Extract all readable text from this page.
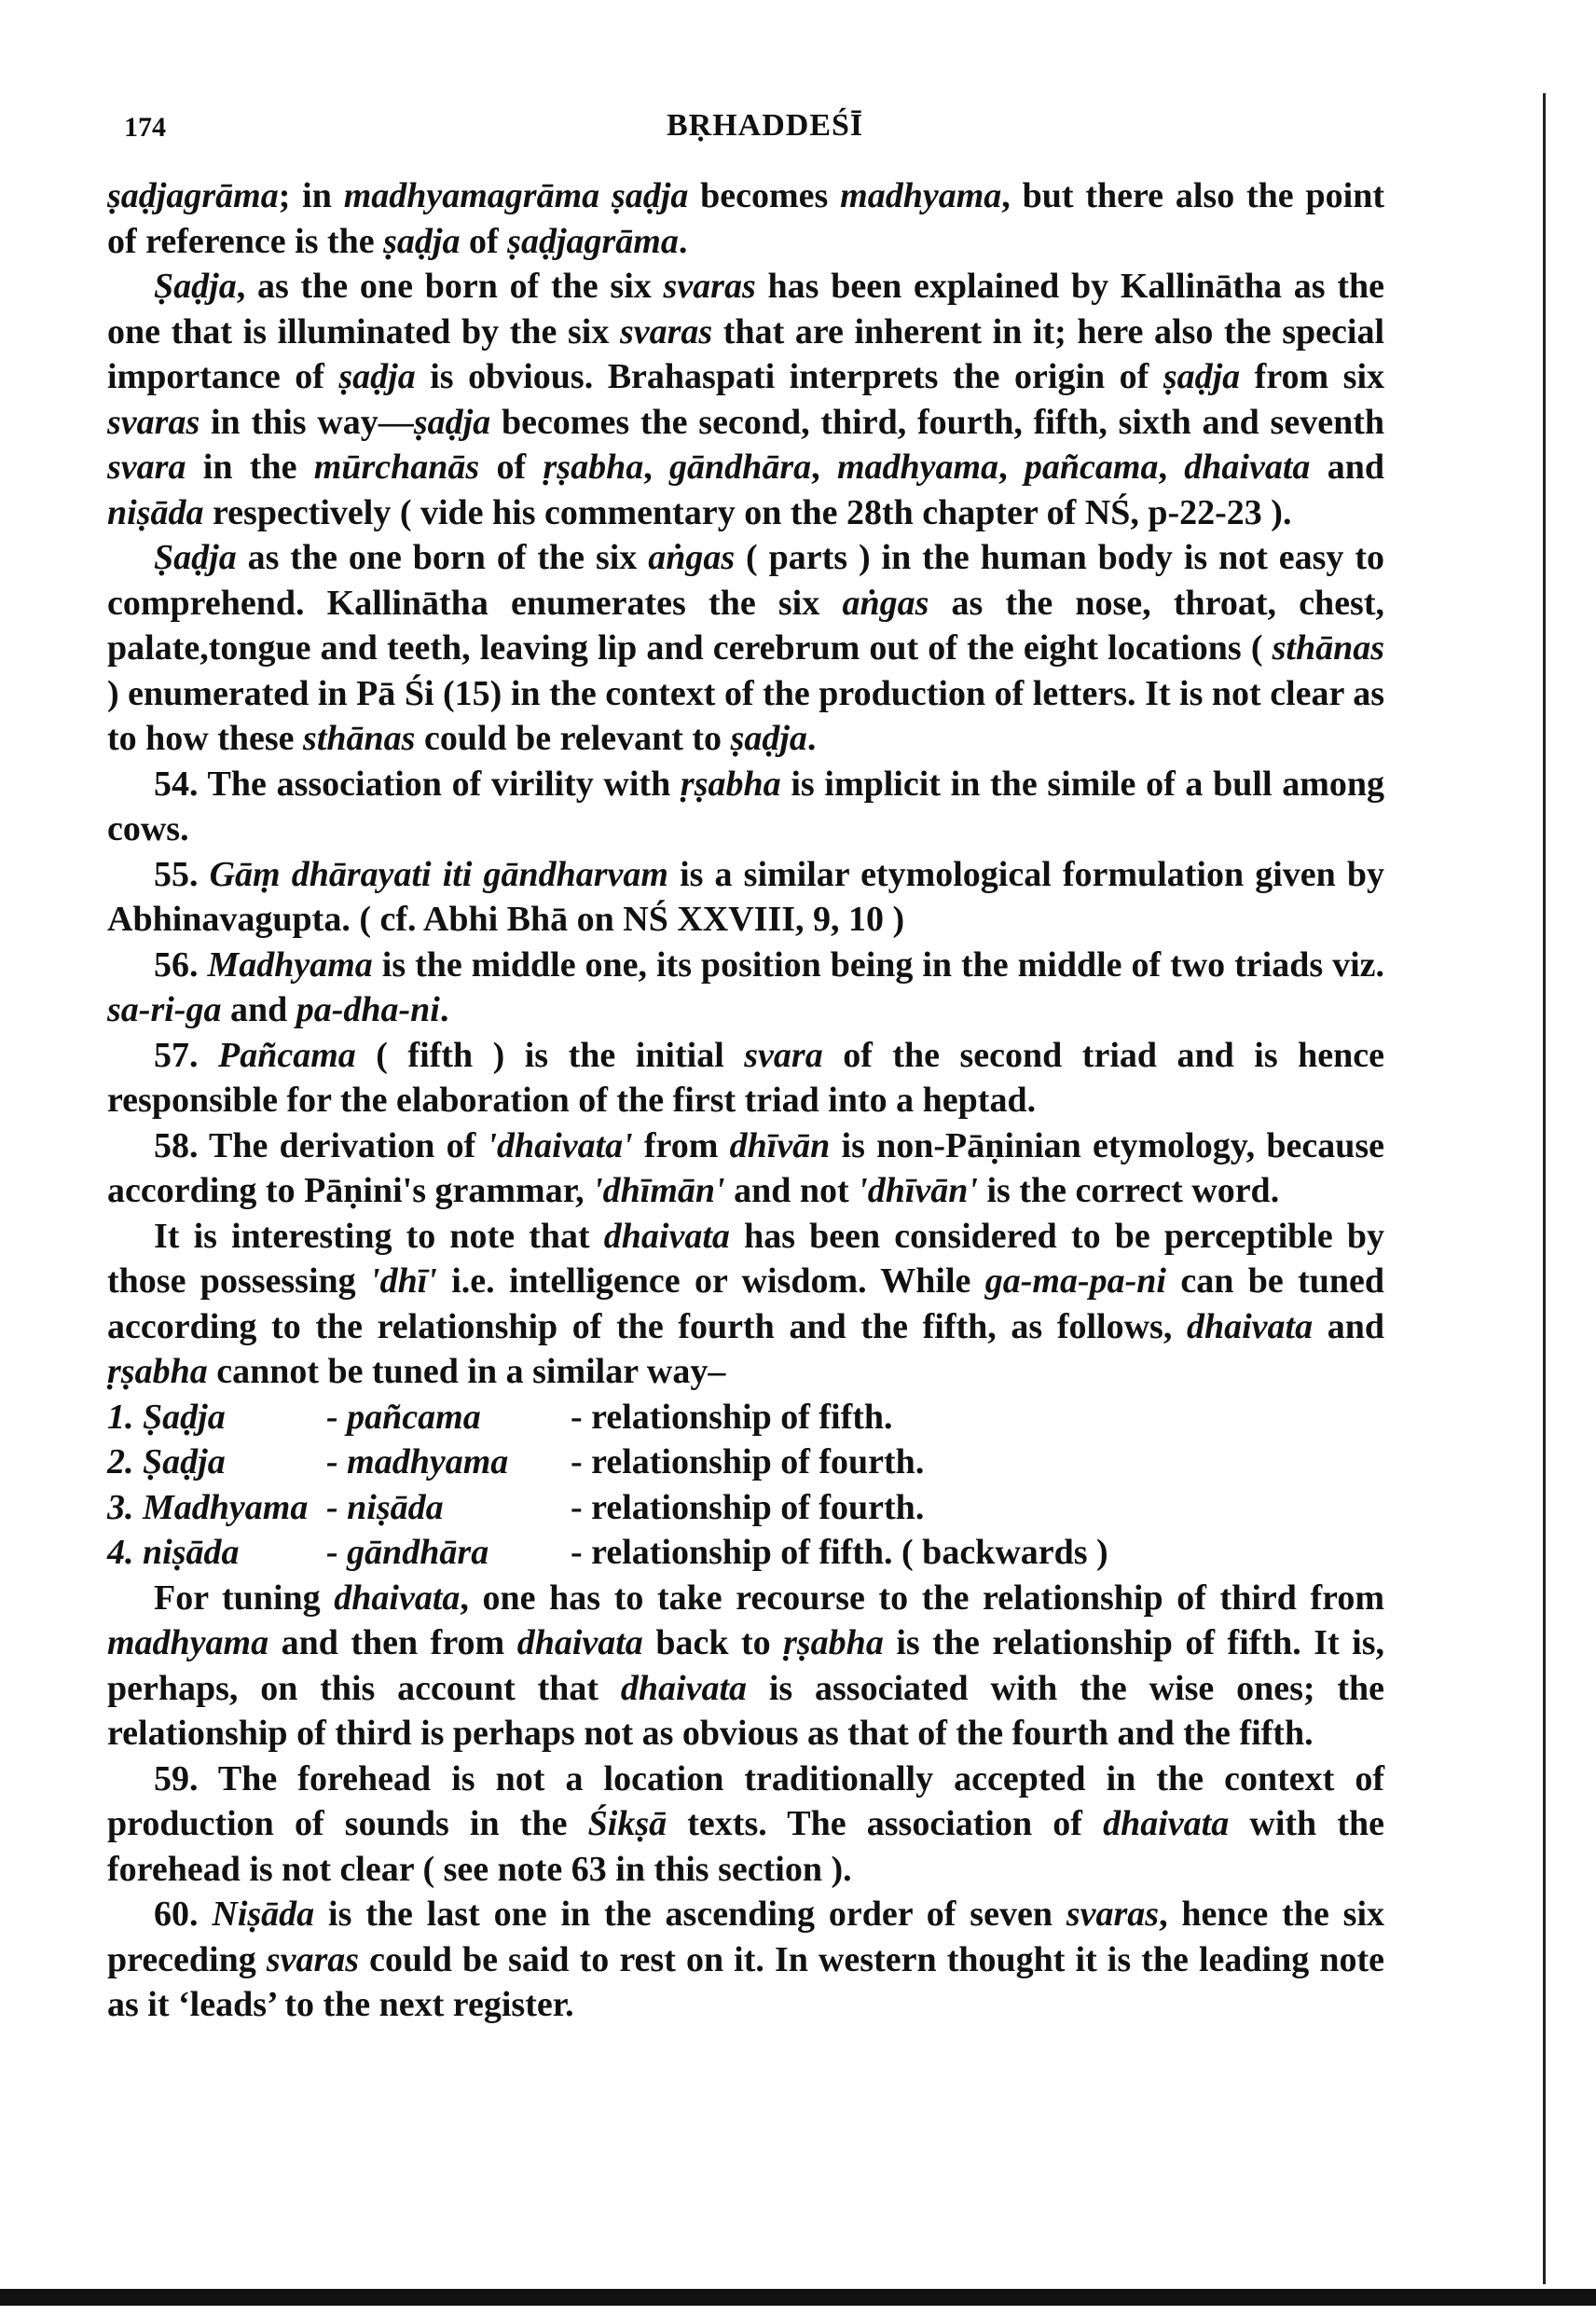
174	BṚHADDEŚĪ

ṣaḍjagrāma; in madhyamagrāma ṣaḍja becomes madhyama, but there also the point of reference is the ṣaḍja of ṣaḍjagrāma.

Ṣaḍja, as the one born of the six svaras has been explained by Kallinātha as the one that is illuminated by the six svaras that are inherent in it; here also the special importance of ṣaḍja is obvious. Brahaspati interprets the origin of ṣaḍja from six svaras in this way—ṣaḍja becomes the second, third, fourth, fifth, sixth and seventh svara in the mūrchanās of ṛṣabha, gāndhāra, madhyama, pañcama, dhaivata and niṣāda respectively ( vide his commentary on the 28th chapter of NŚ, p-22-23 ).

Ṣaḍja as the one born of the six aṅgas ( parts ) in the human body is not easy to comprehend. Kallinātha enumerates the six aṅgas as the nose, throat, chest, palate,tongue and teeth, leaving lip and cerebrum out of the eight locations ( sthānas ) enumerated in Pā Śi (15) in the context of the production of letters. It is not clear as to how these sthānas could be relevant to ṣaḍja.

54. The association of virility with ṛṣabha is implicit in the simile of a bull among cows.

55. Gāṃ dhārayati iti gāndharvam is a similar etymological formulation given by Abhinavagupta. ( cf. Abhi Bhā on NŚ XXVIII, 9, 10 )

56. Madhyama is the middle one, its position being in the middle of two triads viz. sa-ri-ga and pa-dha-ni.

57. Pañcama ( fifth ) is the initial svara of the second triad and is hence responsible for the elaboration of the first triad into a heptad.

58. The derivation of 'dhaivata' from dhīvān is non-Pāṇinian etymology, because according to Pāṇini's grammar, 'dhīmān' and not 'dhīvān' is the correct word.

It is interesting to note that dhaivata has been considered to be perceptible by those possessing 'dhī' i.e. intelligence or wisdom. While ga-ma-pa-ni can be tuned according to the relationship of the fourth and the fifth, as follows, dhaivata and ṛṣabha cannot be tuned in a similar way–

1. Ṣaḍja	- pañcama	- relationship of fifth.
2. Ṣaḍja	- madhyama	- relationship of fourth.
3. Madhyama - niṣāda	- relationship of fourth.
4. niṣāda	- gāndhāra	- relationship of fifth. ( backwards )

For tuning dhaivata, one has to take recourse to the relationship of third from madhyama and then from dhaivata back to ṛṣabha is the relationship of fifth. It is, perhaps, on this account that dhaivata is associated with the wise ones; the relationship of third is perhaps not as obvious as that of the fourth and the fifth.

59. The forehead is not a location traditionally accepted in the context of production of sounds in the Śikṣā texts. The association of dhaivata with the forehead is not clear ( see note 63 in this section ).

60. Niṣāda is the last one in the ascending order of seven svaras, hence the six preceding svaras could be said to rest on it. In western thought it is the leading note as it ‘leads’ to the next register.
